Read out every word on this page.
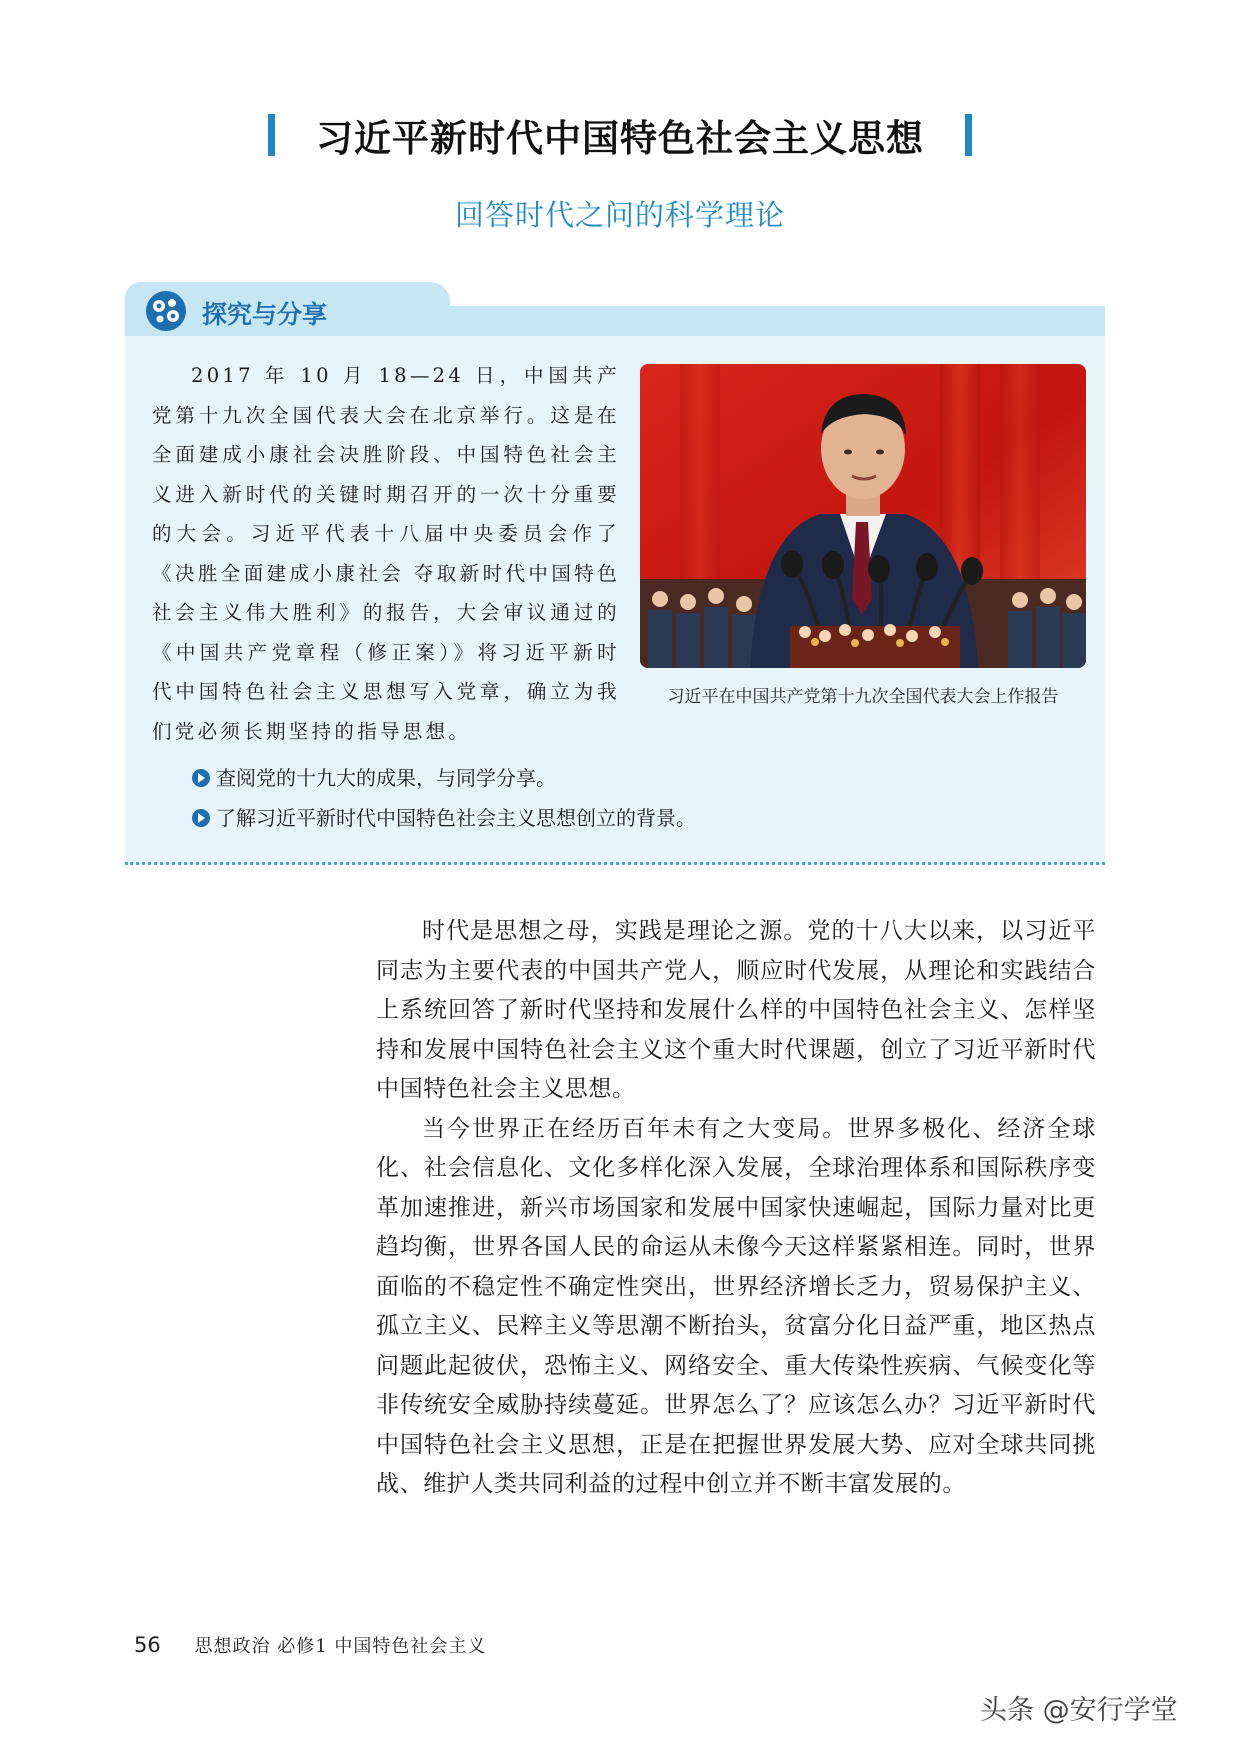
习近平新时代中国特色社会主义思想
回答时代之问的科学理论
探究与分享
2017 年 10 月 18—24 日，中国共产党第十九次全国代表大会在北京举行。这是在全面建成小康社会决胜阶段、中国特色社会主义进入新时代的关键时期召开的一次十分重要的大会。习近平代表十八届中央委员会作了《决胜全面建成小康社会 夺取新时代中国特色社会主义伟大胜利》的报告，大会审议通过的《中国共产党章程（修正案）》将习近平新时代中国特色社会主义思想写入党章，确立为我们党必须长期坚持的指导思想。
习近平在中国共产党第十九次全国代表大会上作报告
查阅党的十九大的成果，与同学分享。
了解习近平新时代中国特色社会主义思想创立的背景。

时代是思想之母，实践是理论之源。党的十八大以来，以习近平同志为主要代表的中国共产党人，顺应时代发展，从理论和实践结合上系统回答了新时代坚持和发展什么样的中国特色社会主义、怎样坚持和发展中国特色社会主义这个重大时代课题，创立了习近平新时代中国特色社会主义思想。

当今世界正在经历百年未有之大变局。世界多极化、经济全球化、社会信息化、文化多样化深入发展，全球治理体系和国际秩序变革加速推进，新兴市场国家和发展中国家快速崛起，国际力量对比更趋均衡，世界各国人民的命运从未像今天这样紧紧相连。同时，世界面临的不稳定性不确定性突出，世界经济增长乏力，贸易保护主义、孤立主义、民粹主义等思潮不断抬头，贫富分化日益严重，地区热点问题此起彼伏，恐怖主义、网络安全、重大传染性疾病、气候变化等非传统安全威胁持续蔓延。世界怎么了？应该怎么办？习近平新时代中国特色社会主义思想，正是在把握世界发展大势、应对全球共同挑战、维护人类共同利益的过程中创立并不断丰富发展的。

56 思想政治 必修1 中国特色社会主义
头条 @安行学堂
